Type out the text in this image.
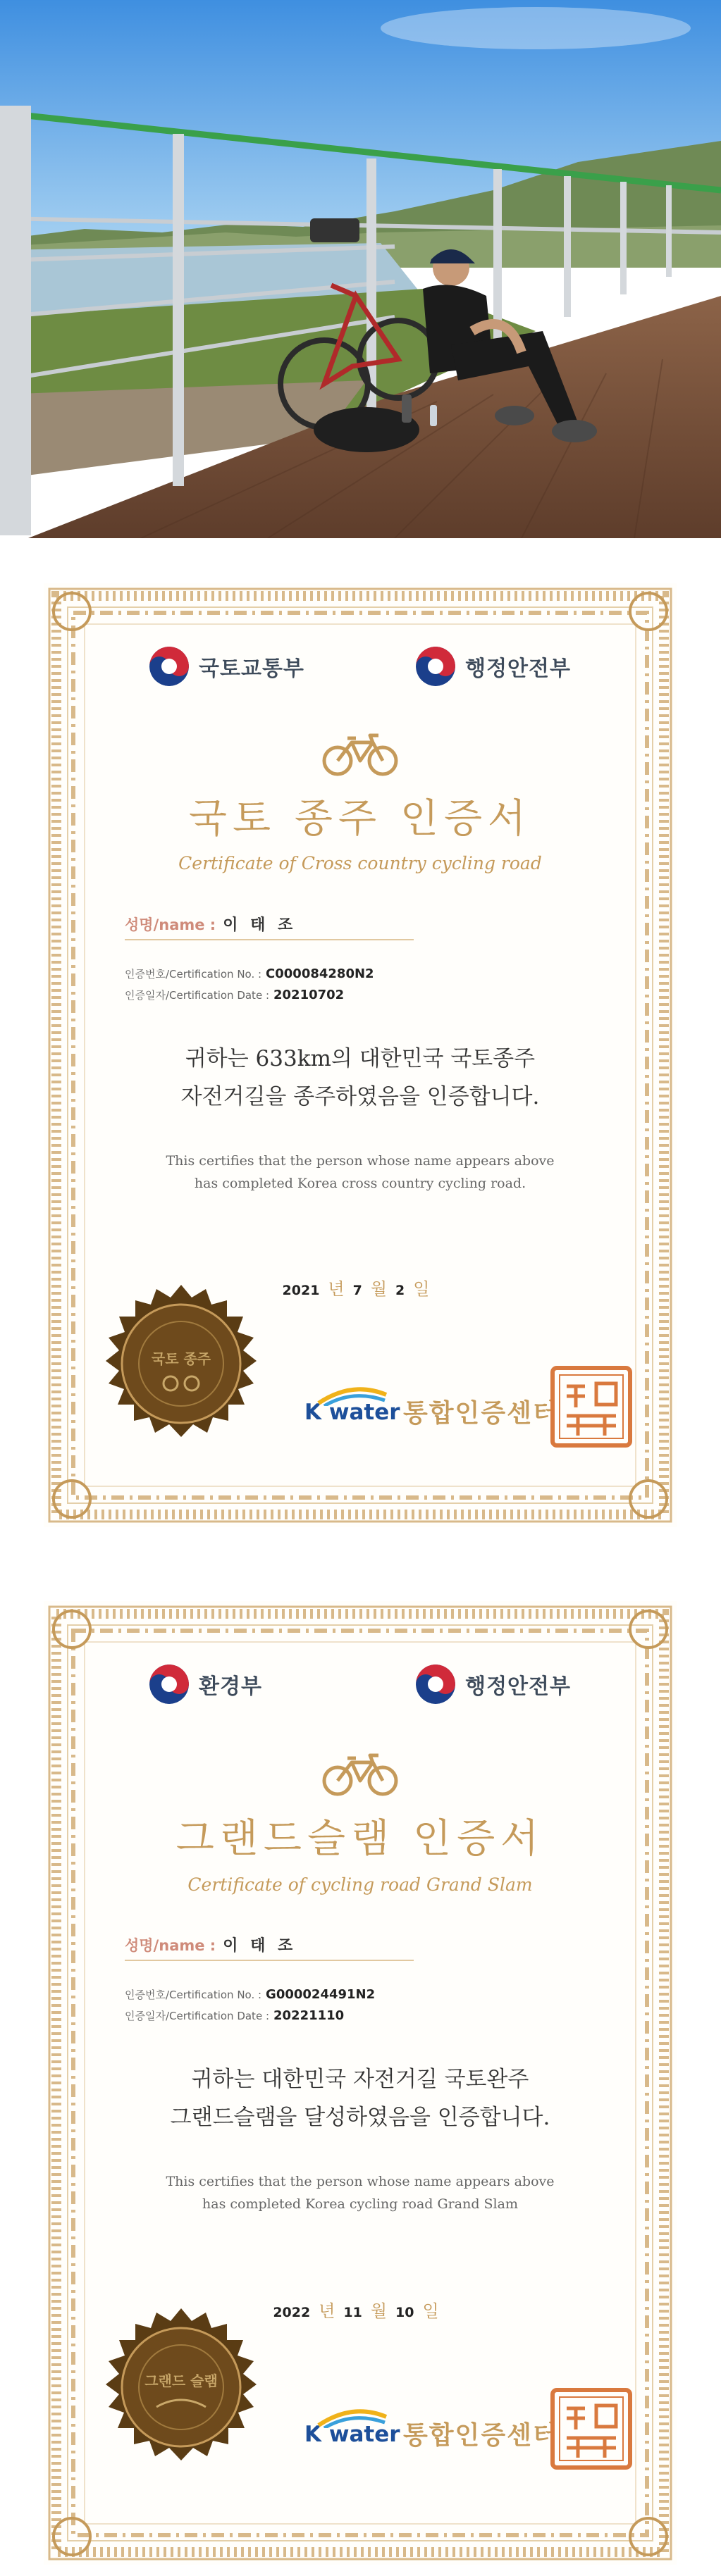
국토교통부	행정안전부
국토 종주 인증서
Certificate of Cross country cycling road
성명/name : 이 태 조
인증번호/Certification No. : C000084280N2
인증일자/Certification Date : 20210702
귀하는 633km의 대한민국 국토종주
자전거길을 종주하였음을 인증합니다.
This certifies that the person whose name appears above
has completed Korea cross country cycling road.
2021 년 7 월 2 일
국토 종주
K water 통합인증센터
환경부	행정안전부
그랜드슬램 인증서
Certificate of cycling road Grand Slam
성명/name : 이 태 조
인증번호/Certification No. : G000024491N2
인증일자/Certification Date : 20221110
귀하는 대한민국 자전거길 국토완주
그랜드슬램을 달성하였음을 인증합니다.
This certifies that the person whose name appears above
has completed Korea cycling road Grand Slam
2022 년 11 월 10 일
그랜드 슬램
K water 통합인증센터
